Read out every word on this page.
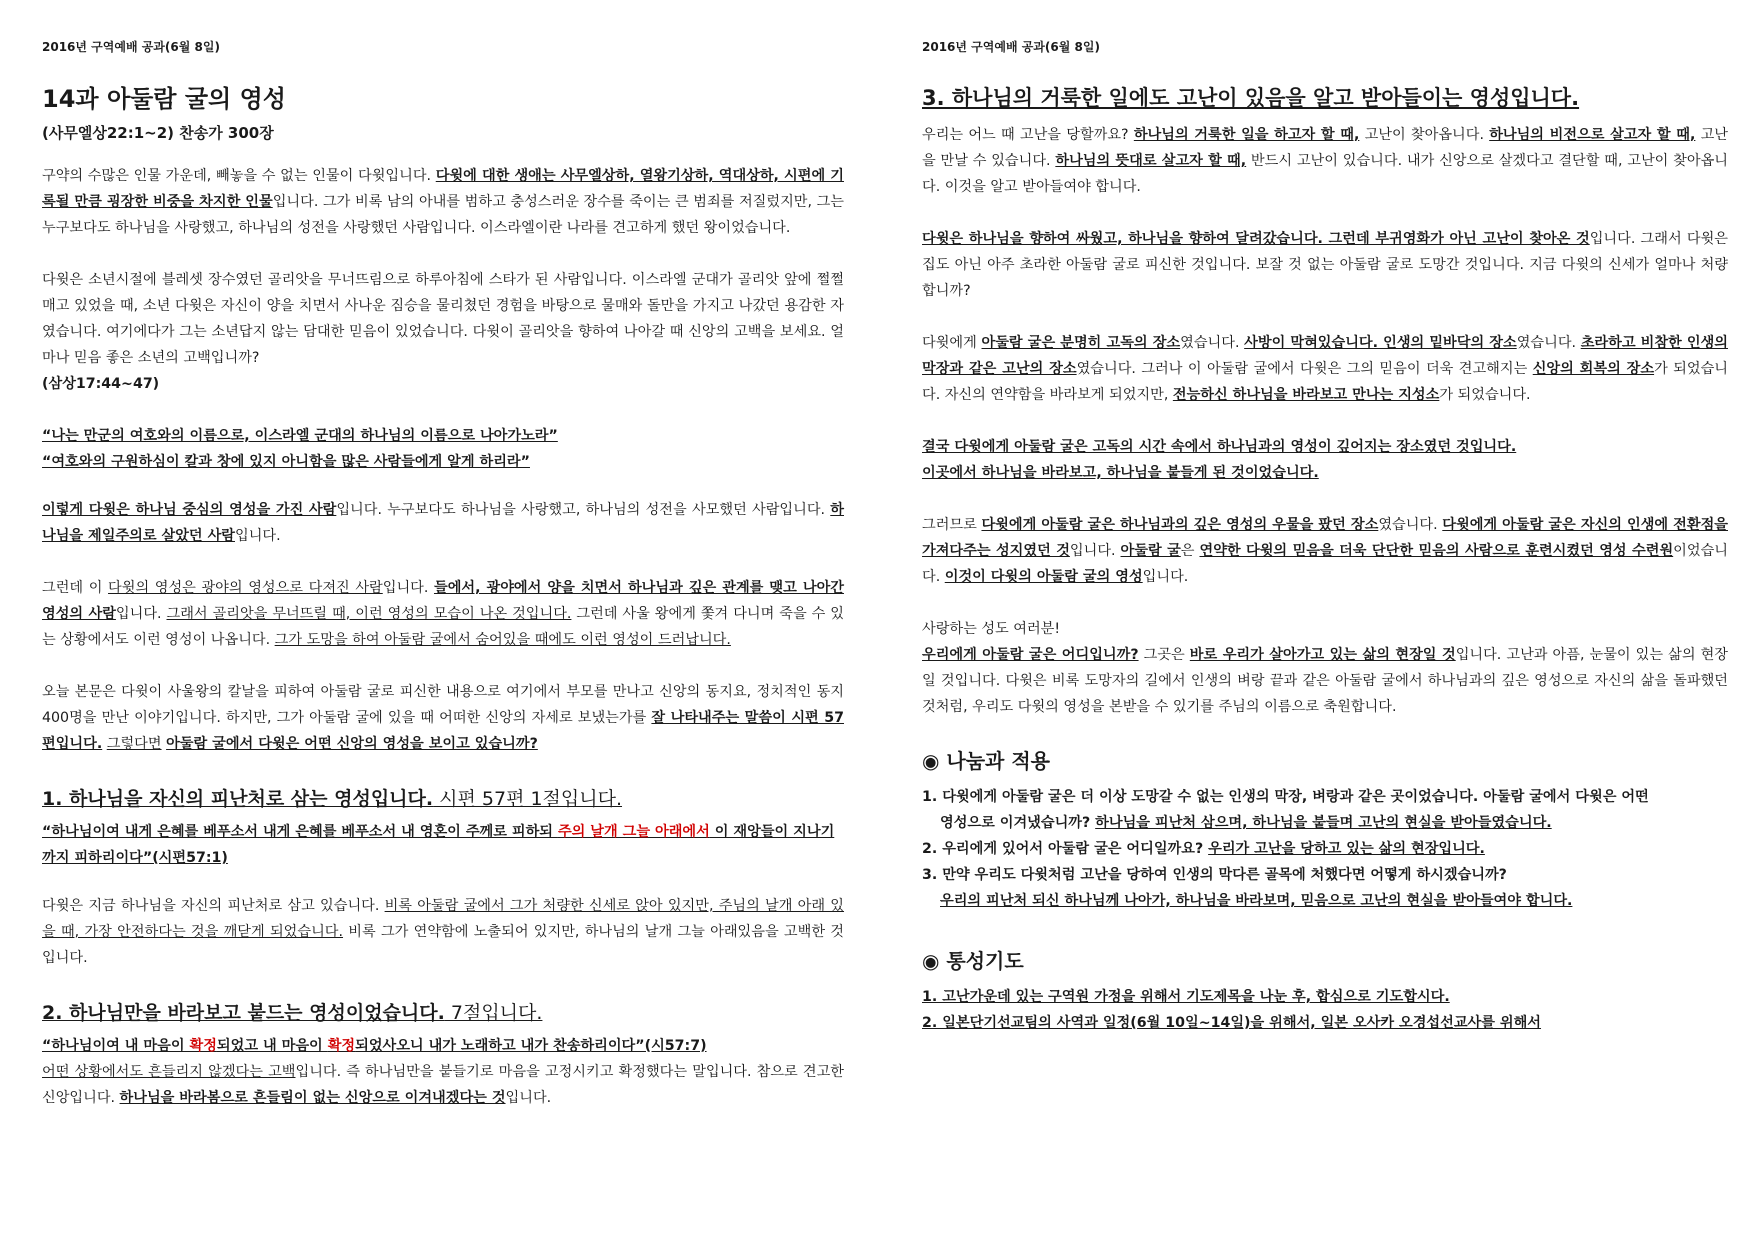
2016년 구역예배 공과(6월 8일)
14과 아둘람 굴의 영성
(사무엘상22:1~2) 찬송가 300장

구약의 수많은 인물 가운데, 빼놓을 수 없는 인물이 다윗입니다. 다윗에 대한 생애는 사무엘상하, 열왕기상하, 역대상하, 시편에 기록될 만큼 굉장한 비중을 차지한 인물입니다. 그가 비록 남의 아내를 범하고 충성스러운 장수를 죽이는 큰 범죄를 저질렀지만, 그는 누구보다도 하나님을 사랑했고, 하나님의 성전을 사랑했던 사람입니다. 이스라엘이란 나라를 견고하게 했던 왕이었습니다.

다윗은 소년시절에 블레셋 장수였던 골리앗을 무너뜨림으로 하루아침에 스타가 된 사람입니다. 이스라엘 군대가 골리앗 앞에 쩔쩔 매고 있었을 때, 소년 다윗은 자신이 양을 치면서 사나운 짐승을 물리쳤던 경험을 바탕으로 물매와 돌만을 가지고 나갔던 용감한 자였습니다. 여기에다가 그는 소년답지 않는 담대한 믿음이 있었습니다. 다윗이 골리앗을 향하여 나아갈 때 신앙의 고백을 보세요. 얼마나 믿음 좋은 소년의 고백입니까?
(삼상17:44~47)

“나는 만군의 여호와의 이름으로, 이스라엘 군대의 하나님의 이름으로 나아가노라”
“여호와의 구원하심이 칼과 창에 있지 아니함을 많은 사람들에게 알게 하리라”

이렇게 다윗은 하나님 중심의 영성을 가진 사람입니다. 누구보다도 하나님을 사랑했고, 하나님의 성전을 사모했던 사람입니다. 하나님을 제일주의로 살았던 사람입니다.

그런데 이 다윗의 영성은 광야의 영성으로 다져진 사람입니다. 들에서, 광야에서 양을 치면서 하나님과 깊은 관계를 맺고 나아간 영성의 사람입니다. 그래서 골리앗을 무너뜨릴 때, 이런 영성의 모습이 나온 것입니다. 그런데 사울 왕에게 쫓겨 다니며 죽을 수 있는 상황에서도 이런 영성이 나옵니다. 그가 도망을 하여 아둘람 굴에서 숨어있을 때에도 이런 영성이 드러납니다.

오늘 본문은 다윗이 사울왕의 칼날을 피하여 아둘람 굴로 피신한 내용으로 여기에서 부모를 만나고 신앙의 동지요, 정치적인 동지 400명을 만난 이야기입니다. 하지만, 그가 아둘람 굴에 있을 때 어떠한 신앙의 자세로 보냈는가를 잘 나타내주는 말씀이 시편 57편입니다. 그렇다면 아둘람 굴에서 다윗은 어떤 신앙의 영성을 보이고 있습니까?

1. 하나님을 자신의 피난처로 삼는 영성입니다. 시편 57편 1절입니다.
“하나님이여 내게 은혜를 베푸소서 내게 은혜를 베푸소서 내 영혼이 주께로 피하되 주의 날개 그늘 아래에서 이 재앙들이 지나기까지 피하리이다”(시편57:1)

다윗은 지금 하나님을 자신의 피난처로 삼고 있습니다. 비록 아둘람 굴에서 그가 처량한 신세로 앉아 있지만, 주님의 날개 아래 있을 때, 가장 안전하다는 것을 깨닫게 되었습니다. 비록 그가 연약함에 노출되어 있지만, 하나님의 날개 그늘 아래있음을 고백한 것입니다.

2. 하나님만을 바라보고 붙드는 영성이었습니다. 7절입니다.
“하나님이여 내 마음이 확정되었고 내 마음이 확정되었사오니 내가 노래하고 내가 찬송하리이다”(시57:7)

어떤 상황에서도 흔들리지 않겠다는 고백입니다. 즉 하나님만을 붙들기로 마음을 고정시키고 확정했다는 말입니다. 참으로 견고한 신앙입니다. 하나님을 바라봄으로 흔들림이 없는 신앙으로 이겨내겠다는 것입니다.

2016년 구역예배 공과(6월 8일)
3. 하나님의 거룩한 일에도 고난이 있음을 알고 받아들이는 영성입니다.

우리는 어느 때 고난을 당할까요? 하나님의 거룩한 일을 하고자 할 때, 고난이 찾아옵니다. 하나님의 비전으로 살고자 할 때, 고난을 만날 수 있습니다. 하나님의 뜻대로 살고자 할 때, 반드시 고난이 있습니다. 내가 신앙으로 살겠다고 결단할 때, 고난이 찾아옵니다. 이것을 알고 받아들여야 합니다.

다윗은 하나님을 향하여 싸웠고, 하나님을 향하여 달려갔습니다. 그런데 부귀영화가 아닌 고난이 찾아온 것입니다. 그래서 다윗은 집도 아닌 아주 초라한 아둘람 굴로 피신한 것입니다. 보잘 것 없는 아둘람 굴로 도망간 것입니다. 지금 다윗의 신세가 얼마나 처량합니까?

다윗에게 아둘람 굴은 분명히 고독의 장소였습니다. 사방이 막혀있습니다. 인생의 밑바닥의 장소였습니다. 초라하고 비참한 인생의 막장과 같은 고난의 장소였습니다. 그러나 이 아둘람 굴에서 다윗은 그의 믿음이 더욱 견고해지는 신앙의 회복의 장소가 되었습니다. 자신의 연약함을 바라보게 되었지만, 전능하신 하나님을 바라보고 만나는 지성소가 되었습니다.

결국 다윗에게 아둘람 굴은 고독의 시간 속에서 하나님과의 영성이 깊어지는 장소였던 것입니다.
이곳에서 하나님을 바라보고, 하나님을 붙들게 된 것이었습니다.

그러므로 다윗에게 아둘람 굴은 하나님과의 깊은 영성의 우물을 팠던 장소였습니다. 다윗에게 아둘람 굴은 자신의 인생에 전환점을 가져다주는 성지였던 것입니다. 아둘람 굴은 연약한 다윗의 믿음을 더욱 단단한 믿음의 사람으로 훈련시켰던 영성 수련원이었습니다. 이것이 다윗의 아둘람 굴의 영성입니다.

사랑하는 성도 여러분!
우리에게 아둘람 굴은 어디입니까? 그곳은 바로 우리가 살아가고 있는 삶의 현장일 것입니다. 고난과 아픔, 눈물이 있는 삶의 현장일 것입니다. 다윗은 비록 도망자의 길에서 인생의 벼랑 끝과 같은 아둘람 굴에서 하나님과의 깊은 영성으로 자신의 삶을 돌파했던 것처럼, 우리도 다윗의 영성을 본받을 수 있기를 주님의 이름으로 축원합니다.

◉ 나눔과 적용
1. 다윗에게 아둘람 굴은 더 이상 도망갈 수 없는 인생의 막장, 벼랑과 같은 곳이었습니다. 아둘람 굴에서 다윗은 어떤
영성으로 이겨냈습니까? 하나님을 피난처 삼으며, 하나님을 붙들며 고난의 현실을 받아들였습니다.
2. 우리에게 있어서 아둘람 굴은 어디일까요? 우리가 고난을 당하고 있는 삶의 현장입니다.
3. 만약 우리도 다윗처럼 고난을 당하여 인생의 막다른 골목에 처했다면 어떻게 하시겠습니까?
우리의 피난처 되신 하나님께 나아가, 하나님을 바라보며, 믿음으로 고난의 현실을 받아들여야 합니다.
◉ 통성기도
1. 고난가운데 있는 구역원 가정을 위해서 기도제목을 나눈 후, 합심으로 기도합시다.
2. 일본단기선교팀의 사역과 일정(6월 10일~14일)을 위해서, 일본 오사카 오경섭선교사를 위해서
